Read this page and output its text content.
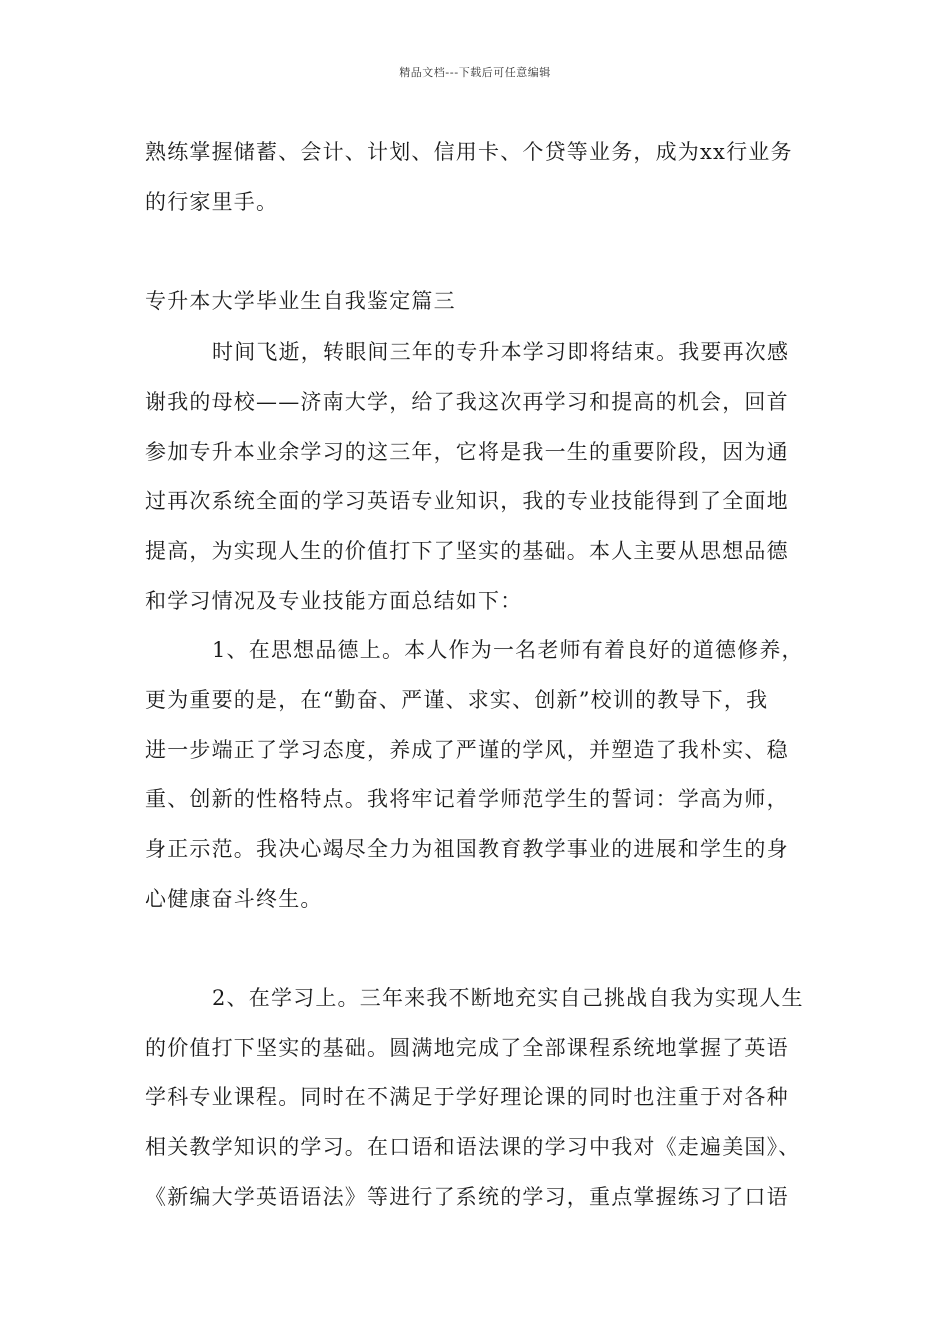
精品文档---下载后可任意编辑
熟练掌握储蓄、会计、计划、信用卡、个贷等业务，成为xx行业务
的行家里手。
专升本大学毕业生自我鉴定篇三
时间飞逝，转眼间三年的专升本学习即将结束。我要再次感
谢我的母校——济南大学，给了我这次再学习和提高的机会，回首
参加专升本业余学习的这三年，它将是我一生的重要阶段，因为通
过再次系统全面的学习英语专业知识，我的专业技能得到了全面地
提高，为实现人生的价值打下了坚实的基础。本人主要从思想品德
和学习情况及专业技能方面总结如下：
1、在思想品德上。本人作为一名老师有着良好的道德修养，
更为重要的是，在“勤奋、严谨、求实、创新”校训的教导下，我
进一步端正了学习态度，养成了严谨的学风，并塑造了我朴实、稳
重、创新的性格特点。我将牢记着学师范学生的誓词：学高为师，
身正示范。我决心竭尽全力为祖国教育教学事业的进展和学生的身
心健康奋斗终生。
2、在学习上。三年来我不断地充实自己挑战自我为实现人生
的价值打下坚实的基础。圆满地完成了全部课程系统地掌握了英语
学科专业课程。同时在不满足于学好理论课的同时也注重于对各种
相关教学知识的学习。在口语和语法课的学习中我对《走遍美国》、
《新编大学英语语法》等进行了系统的学习，重点掌握练习了口语
